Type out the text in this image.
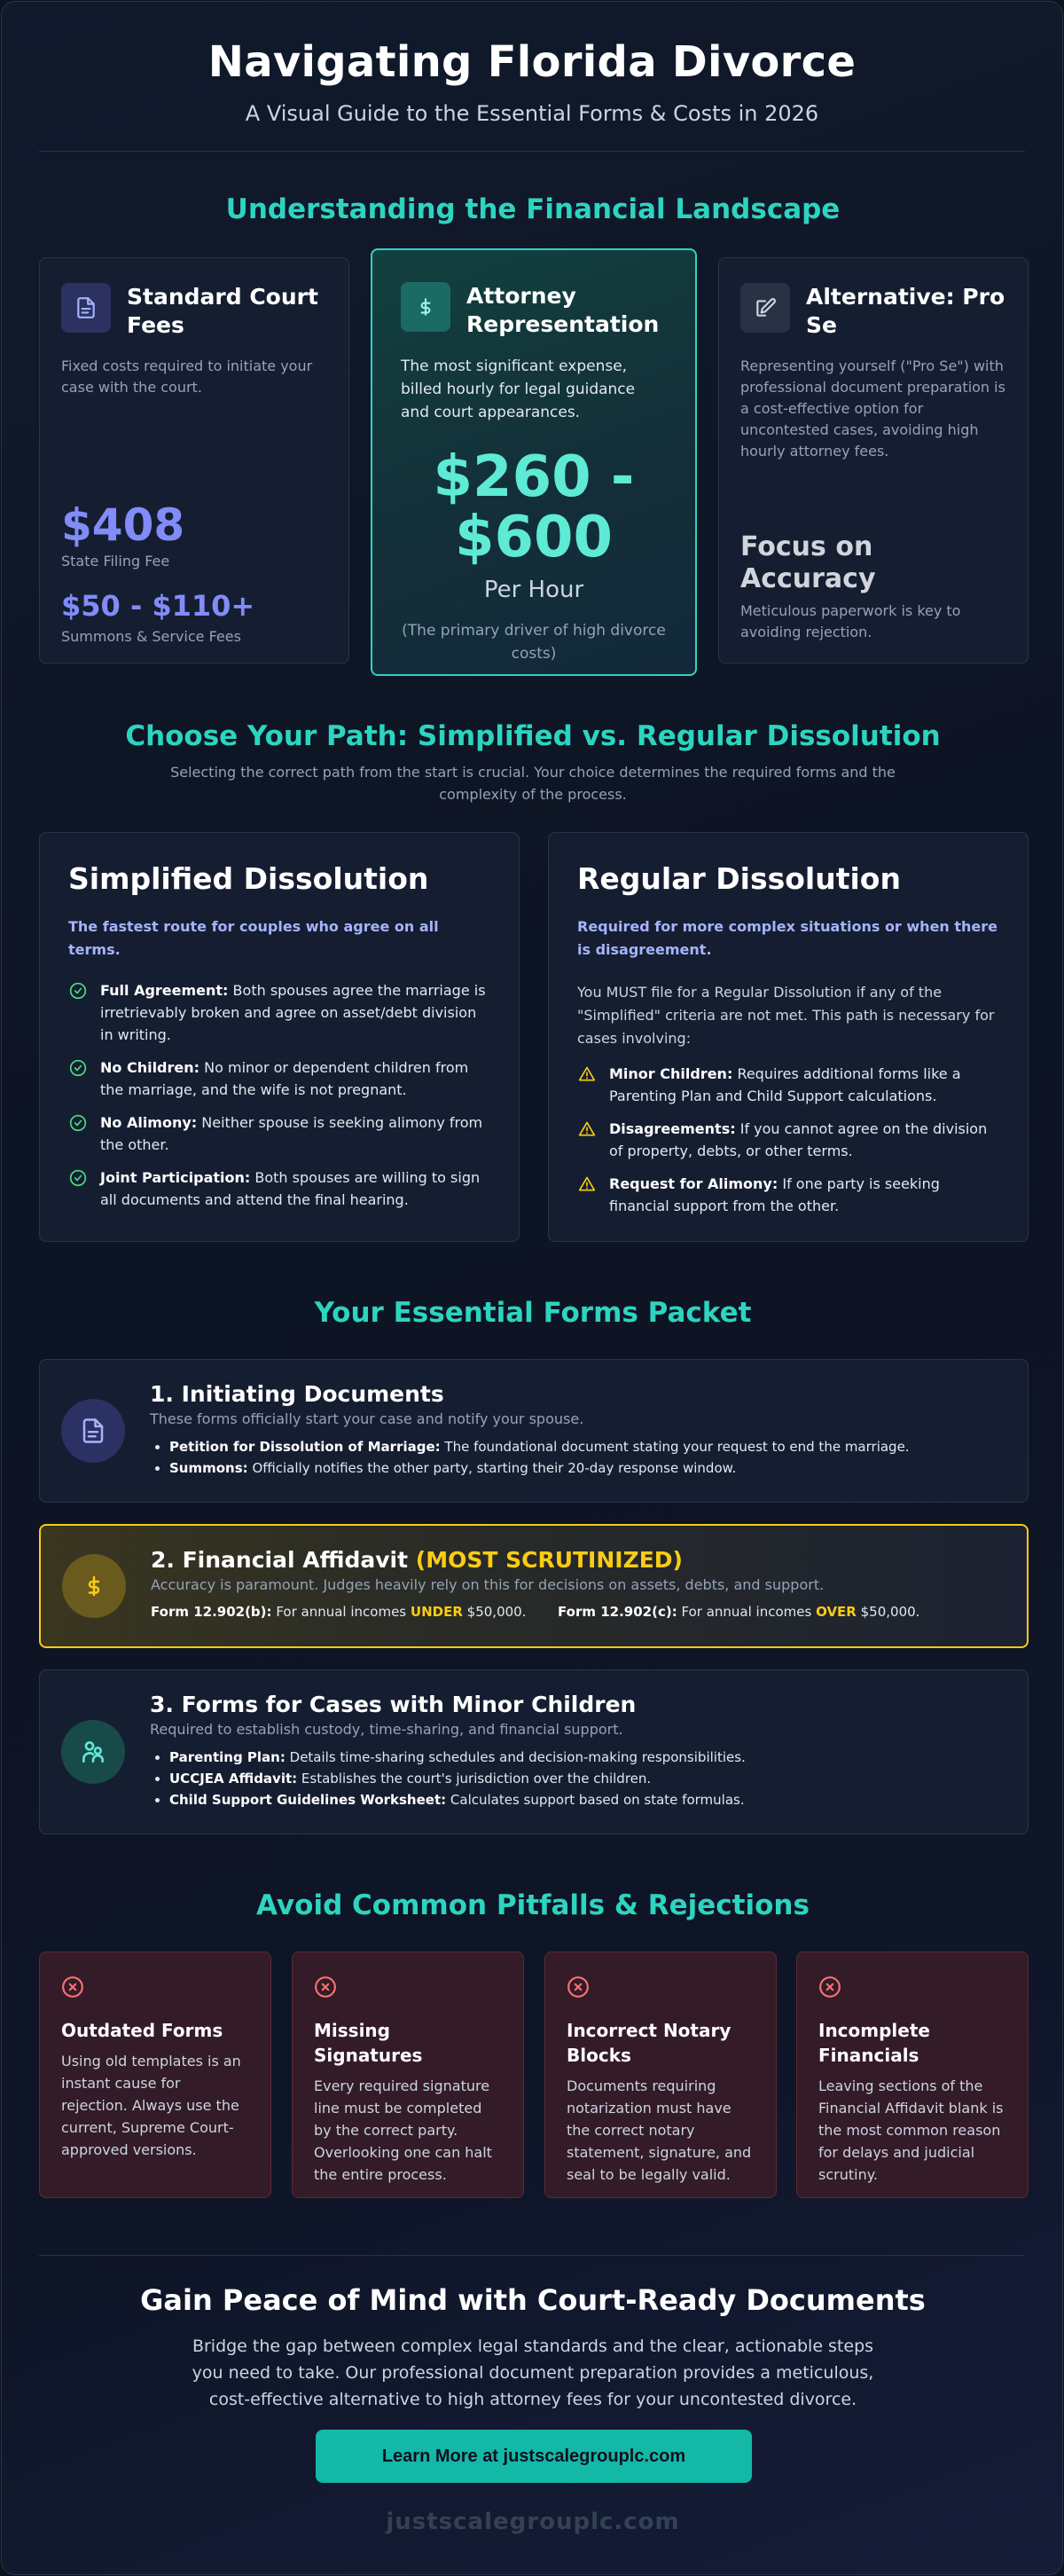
Navigating Florida Divorce
A Visual Guide to the Essential Forms & Costs in 2026
Understanding the Financial Landscape
Standard Court Fees
Fixed costs required to initiate your case with the court.
$408
State Filing Fee
$50 - $110+
Summons & Service Fees
Attorney Representation
The most significant expense, billed hourly for legal guidance and court appearances.
$260 - $600
Per Hour
(The primary driver of high divorce costs)
Alternative: Pro Se
Representing yourself ("Pro Se") with professional document preparation is a cost-effective option for uncontested cases, avoiding high hourly attorney fees.
Focus on Accuracy
Meticulous paperwork is key to avoiding rejection.
Choose Your Path: Simplified vs. Regular Dissolution
Selecting the correct path from the start is crucial. Your choice determines the required forms and the complexity of the process.
Simplified Dissolution
The fastest route for couples who agree on all terms.
Full Agreement: Both spouses agree the marriage is irretrievably broken and agree on asset/debt division in writing.
No Children: No minor or dependent children from the marriage, and the wife is not pregnant.
No Alimony: Neither spouse is seeking alimony from the other.
Joint Participation: Both spouses are willing to sign all documents and attend the final hearing.
Regular Dissolution
Required for more complex situations or when there is disagreement.
You MUST file for a Regular Dissolution if any of the "Simplified" criteria are not met. This path is necessary for cases involving:
Minor Children: Requires additional forms like a Parenting Plan and Child Support calculations.
Disagreements: If you cannot agree on the division of property, debts, or other terms.
Request for Alimony: If one party is seeking financial support from the other.
Your Essential Forms Packet
1. Initiating Documents
These forms officially start your case and notify your spouse.
• Petition for Dissolution of Marriage: The foundational document stating your request to end the marriage.
• Summons: Officially notifies the other party, starting their 20-day response window.
2. Financial Affidavit (MOST SCRUTINIZED)
Accuracy is paramount. Judges heavily rely on this for decisions on assets, debts, and support.
Form 12.902(b): For annual incomes UNDER $50,000. Form 12.902(c): For annual incomes OVER $50,000.
3. Forms for Cases with Minor Children
Required to establish custody, time-sharing, and financial support.
• Parenting Plan: Details time-sharing schedules and decision-making responsibilities.
• UCCJEA Affidavit: Establishes the court's jurisdiction over the children.
• Child Support Guidelines Worksheet: Calculates support based on state formulas.
Avoid Common Pitfalls & Rejections
Outdated Forms
Using old templates is an instant cause for rejection. Always use the current, Supreme Court-approved versions.
Missing Signatures
Every required signature line must be completed by the correct party. Overlooking one can halt the entire process.
Incorrect Notary Blocks
Documents requiring notarization must have the correct notary statement, signature, and seal to be legally valid.
Incomplete Financials
Leaving sections of the Financial Affidavit blank is the most common reason for delays and judicial scrutiny.
Gain Peace of Mind with Court-Ready Documents
Bridge the gap between complex legal standards and the clear, actionable steps you need to take. Our professional document preparation provides a meticulous, cost-effective alternative to high attorney fees for your uncontested divorce.
Learn More at justscalegrouplc.com
justscalegrouplc.com
